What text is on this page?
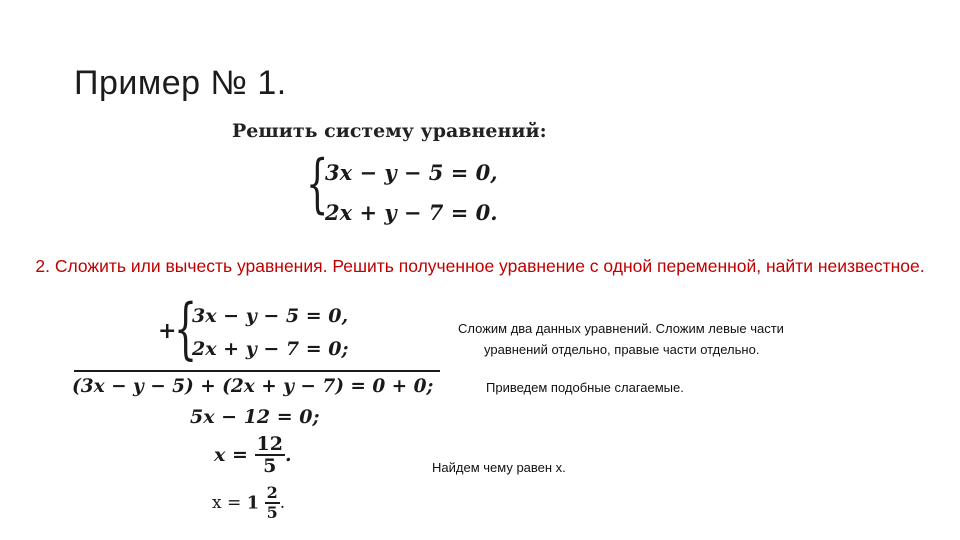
Пример № 1.
Решить систему уравнений:
{
3x − y − 5 = 0,
2x + y − 7 = 0.
2. Сложить или вычесть уравнения. Решить полученное уравнение с одной переменной, найти неизвестное.
+
{
3x − y − 5 = 0,
2x + y − 7 = 0;
(3x − y − 5) + (2x + y − 7) = 0 + 0;
5x − 12 = 0;
$x = \frac{12}{5}$ .
$x = 1 \frac{2}{5}$ .
Сложим два данных уравнений. Сложим левые части
уравнений отдельно, правые части отдельно.
Приведем подобные слагаемые.
Найдем чему равен х.
